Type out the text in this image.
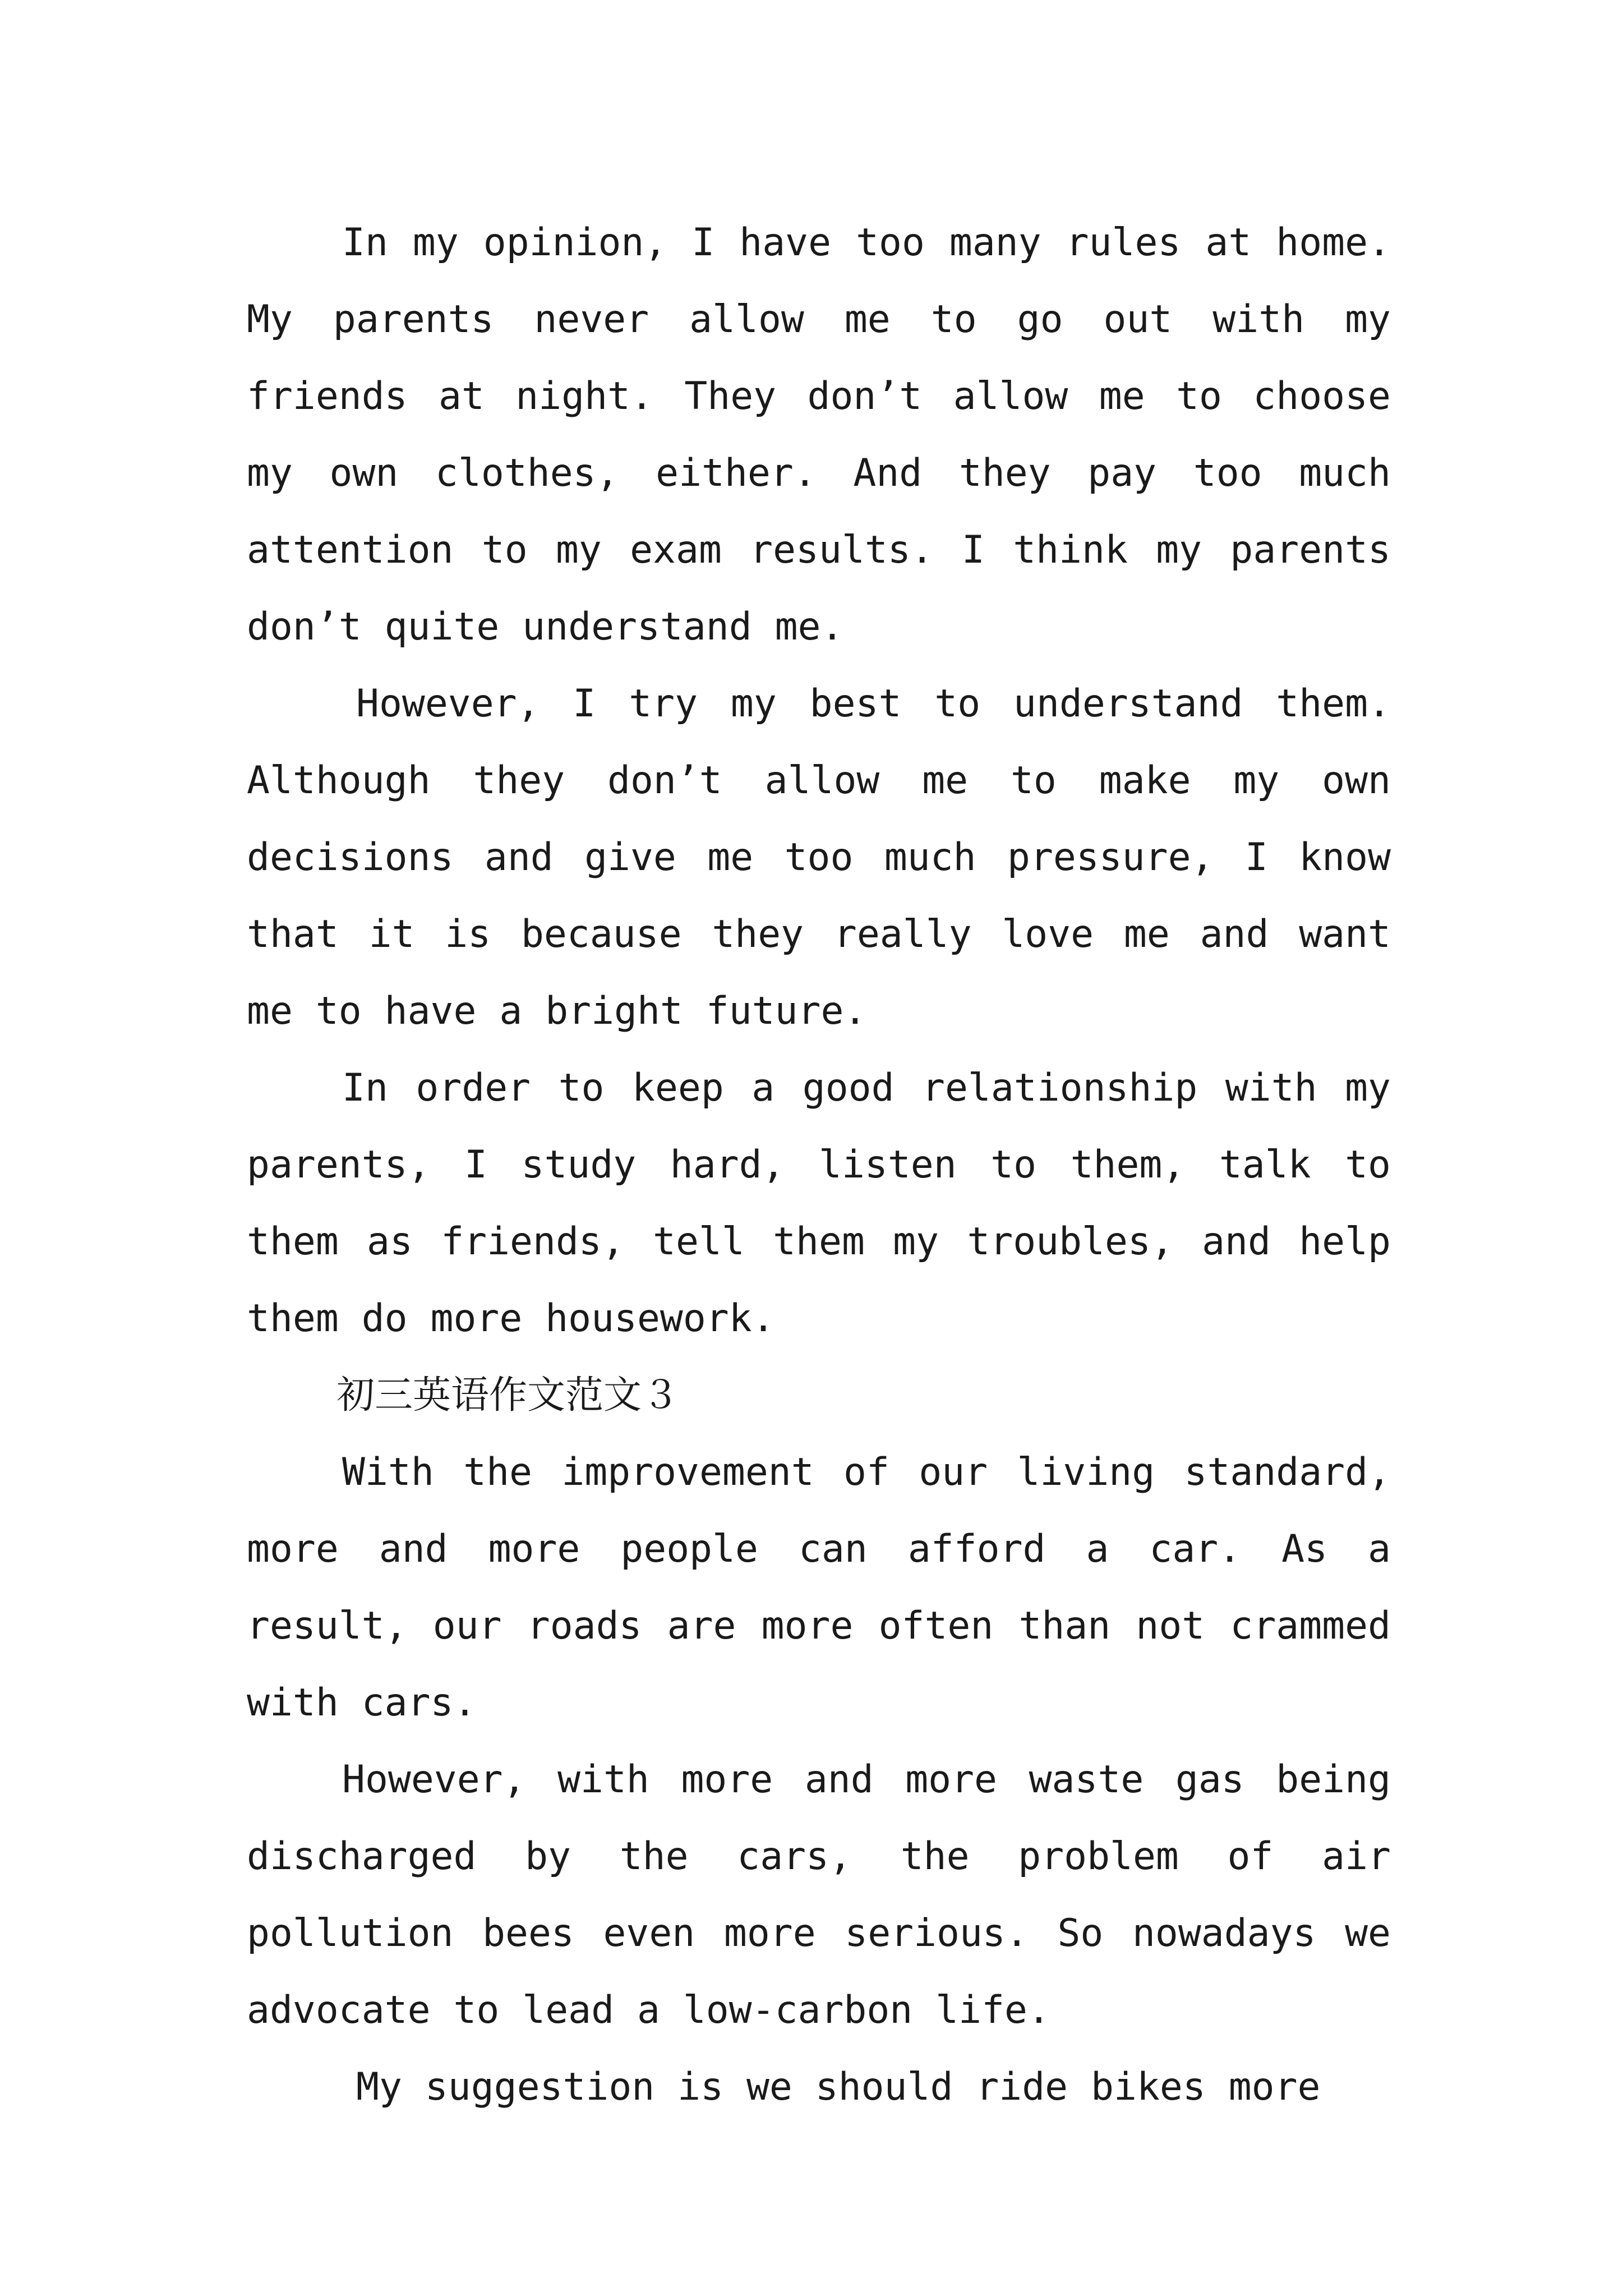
In my opinion, I have too many rules at home. My parents never allow me to go out with my friends at night. They don’t allow me to choose my own clothes, either. And they pay too much attention to my exam results. I think my parents don’t quite understand me.

However, I try my best to understand them. Although they don’t allow me to make my own decisions and give me too much pressure, I know that it is because they really love me and want me to have a bright future.

In order to keep a good relationship with my parents, I study hard, listen to them, talk to them as friends, tell them my troubles, and help them do more housework.

初三英语作文范文３

With the improvement of our living standard, more and more people can afford a car. As a result, our roads are more often than not crammed with cars.

However, with more and more waste gas being discharged by the cars, the problem of air pollution bees even more serious. So nowadays we advocate to lead a low-carbon life.

My suggestion is we should ride bikes more
